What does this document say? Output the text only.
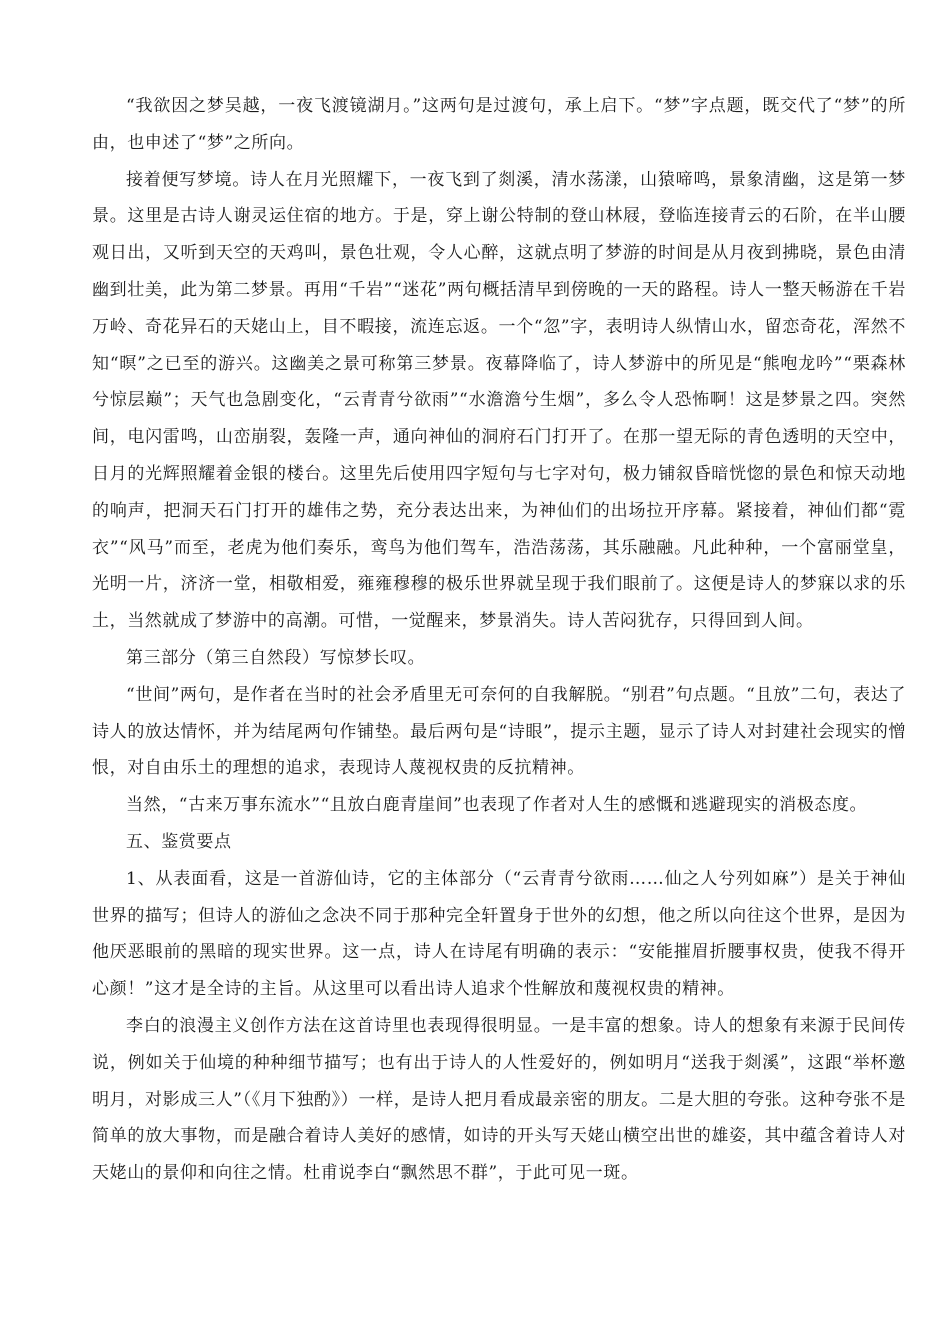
“我欲因之梦吴越，一夜飞渡镜湖月。”这两句是过渡句，承上启下。“梦”字点题，既交代了“梦”的所由，也申述了“梦”之所向。

接着便写梦境。诗人在月光照耀下，一夜飞到了剡溪，清水荡漾，山猿啼鸣，景象清幽，这是第一梦景。这里是古诗人谢灵运住宿的地方。于是，穿上谢公特制的登山林屐，登临连接青云的石阶，在半山腰观日出，又听到天空的天鸡叫，景色壮观，令人心醉，这就点明了梦游的时间是从月夜到拂晓，景色由清幽到壮美，此为第二梦景。再用“千岩”“迷花”两句概括清早到傍晚的一天的路程。诗人一整天畅游在千岩万岭、奇花异石的天姥山上，目不暇接，流连忘返。一个“忽”字，表明诗人纵情山水，留恋奇花，浑然不知“暝”之已至的游兴。这幽美之景可称第三梦景。夜幕降临了，诗人梦游中的所见是“熊咆龙吟”“栗森林兮惊层巅”；天气也急剧变化，“云青青兮欲雨”“水澹澹兮生烟”，多么令人恐怖啊！这是梦景之四。突然间，电闪雷鸣，山峦崩裂，轰隆一声，通向神仙的洞府石门打开了。在那一望无际的青色透明的天空中，日月的光辉照耀着金银的楼台。这里先后使用四字短句与七字对句，极力铺叙昏暗恍惚的景色和惊天动地的响声，把洞天石门打开的雄伟之势，充分表达出来，为神仙们的出场拉开序幕。紧接着，神仙们都“霓衣”“风马”而至，老虎为他们奏乐，鸾鸟为他们驾车，浩浩荡荡，其乐融融。凡此种种，一个富丽堂皇，光明一片，济济一堂，相敬相爱，雍雍穆穆的极乐世界就呈现于我们眼前了。这便是诗人的梦寐以求的乐土，当然就成了梦游中的高潮。可惜，一觉醒来，梦景消失。诗人苦闷犹存，只得回到人间。

第三部分（第三自然段）写惊梦长叹。

“世间”两句，是作者在当时的社会矛盾里无可奈何的自我解脱。“别君”句点题。“且放”二句，表达了诗人的放达情怀，并为结尾两句作铺垫。最后两句是“诗眼”，提示主题，显示了诗人对封建社会现实的憎恨，对自由乐土的理想的追求，表现诗人蔑视权贵的反抗精神。

当然，“古来万事东流水”“且放白鹿青崖间”也表现了作者对人生的感慨和逃避现实的消极态度。

五、鉴赏要点

1、从表面看，这是一首游仙诗，它的主体部分（“云青青兮欲雨……仙之人兮列如麻”）是关于神仙世界的描写；但诗人的游仙之念决不同于那种完全轩置身于世外的幻想，他之所以向往这个世界，是因为他厌恶眼前的黑暗的现实世界。这一点，诗人在诗尾有明确的表示：“安能摧眉折腰事权贵，使我不得开心颜！”这才是全诗的主旨。从这里可以看出诗人追求个性解放和蔑视权贵的精神。

李白的浪漫主义创作方法在这首诗里也表现得很明显。一是丰富的想象。诗人的想象有来源于民间传说，例如关于仙境的种种细节描写；也有出于诗人的人性爱好的，例如明月“送我于剡溪”，这跟“举杯邀明月，对影成三人”（《月下独酌》）一样，是诗人把月看成最亲密的朋友。二是大胆的夸张。这种夸张不是简单的放大事物，而是融合着诗人美好的感情，如诗的开头写天姥山横空出世的雄姿，其中蕴含着诗人对天姥山的景仰和向往之情。杜甫说李白“飘然思不群”，于此可见一斑。
